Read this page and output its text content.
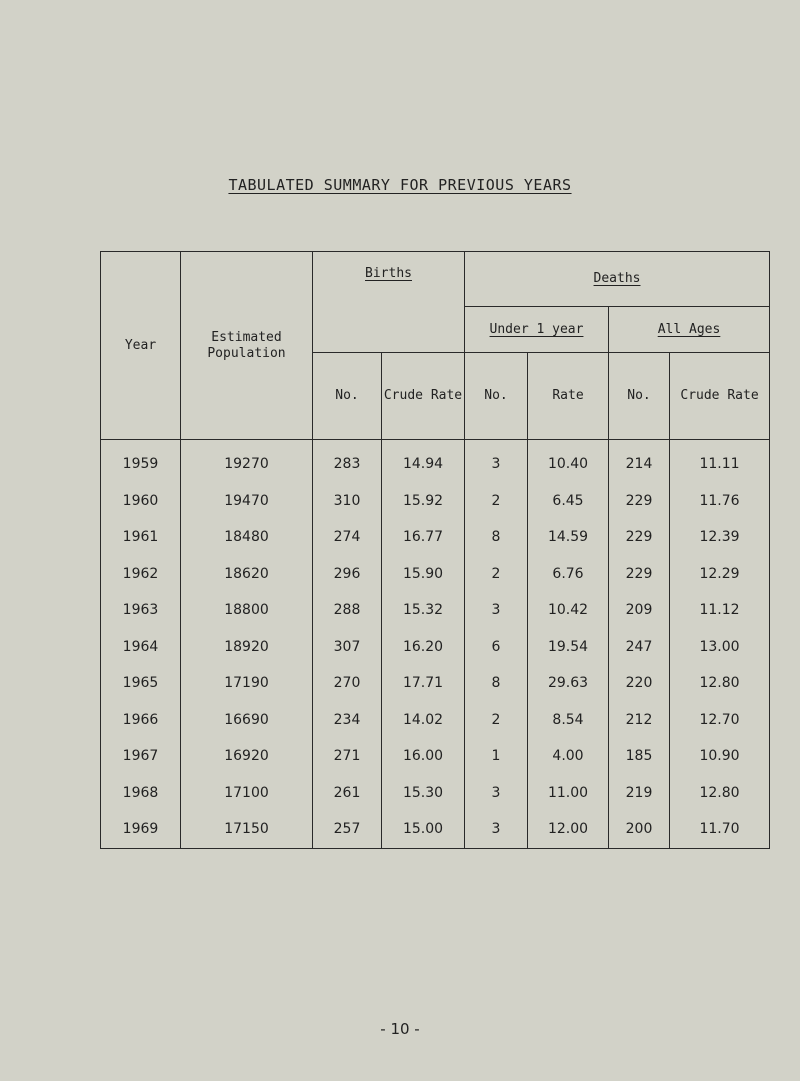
TABULATED SUMMARY FOR PREVIOUS YEARS
Year	Estimated Population	Births		Deaths			
				Under 1 year		All Ages	
		No.	Crude Rate	No.	Rate	No.	Crude Rate
1959	19270	283	14.94	3	10.40	214	11.11
1960	19470	310	15.92	2	6.45	229	11.76
1961	18480	274	16.77	8	14.59	229	12.39
1962	18620	296	15.90	2	6.76	229	12.29
1963	18800	288	15.32	3	10.42	209	11.12
1964	18920	307	16.20	6	19.54	247	13.00
1965	17190	270	17.71	8	29.63	220	12.80
1966	16690	234	14.02	2	8.54	212	12.70
1967	16920	271	16.00	1	4.00	185	10.90
1968	17100	261	15.30	3	11.00	219	12.80
1969	17150	257	15.00	3	12.00	200	11.70
- 10 -
